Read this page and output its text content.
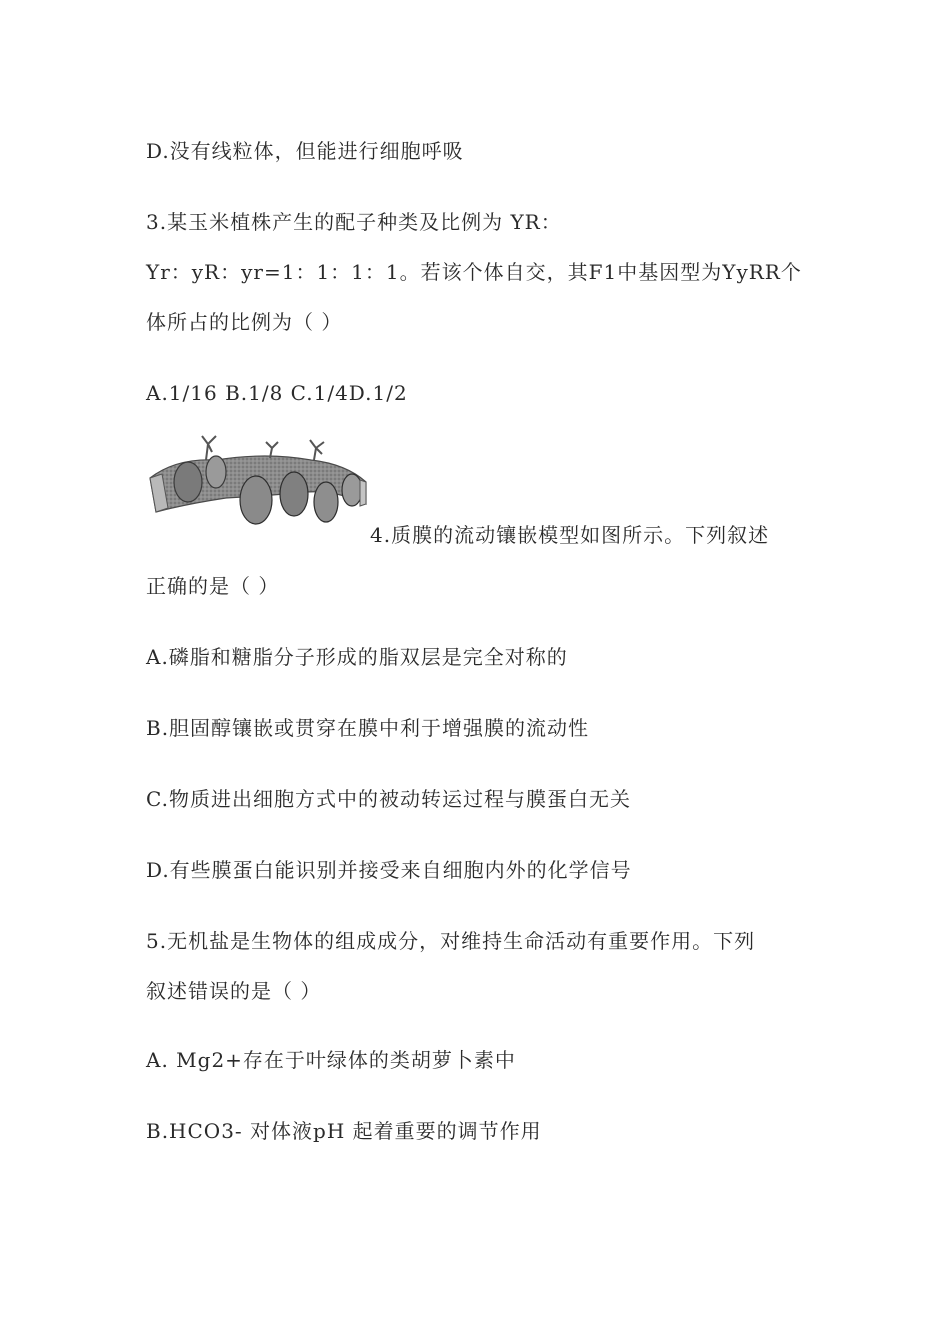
D.没有线粒体，但能进行细胞呼吸
3.某玉米植株产生的配子种类及比例为 YR：
Yr：yR：yr=1：1：1：1。若该个体自交，其F1中基因型为YyRR个
体所占的比例为（ ）
A.1/16 B.1/8 C.1/4D.1/2
4.质膜的流动镶嵌模型如图所示。下列叙述
正确的是（ ）
A.磷脂和糖脂分子形成的脂双层是完全对称的
B.胆固醇镶嵌或贯穿在膜中利于增强膜的流动性
C.物质进出细胞方式中的被动转运过程与膜蛋白无关
D.有些膜蛋白能识别并接受来自细胞内外的化学信号
5.无机盐是生物体的组成成分，对维持生命活动有重要作用。下列
叙述错误的是（ ）
A. Mg2+存在于叶绿体的类胡萝卜素中
B.HCO3- 对体液pH 起着重要的调节作用
